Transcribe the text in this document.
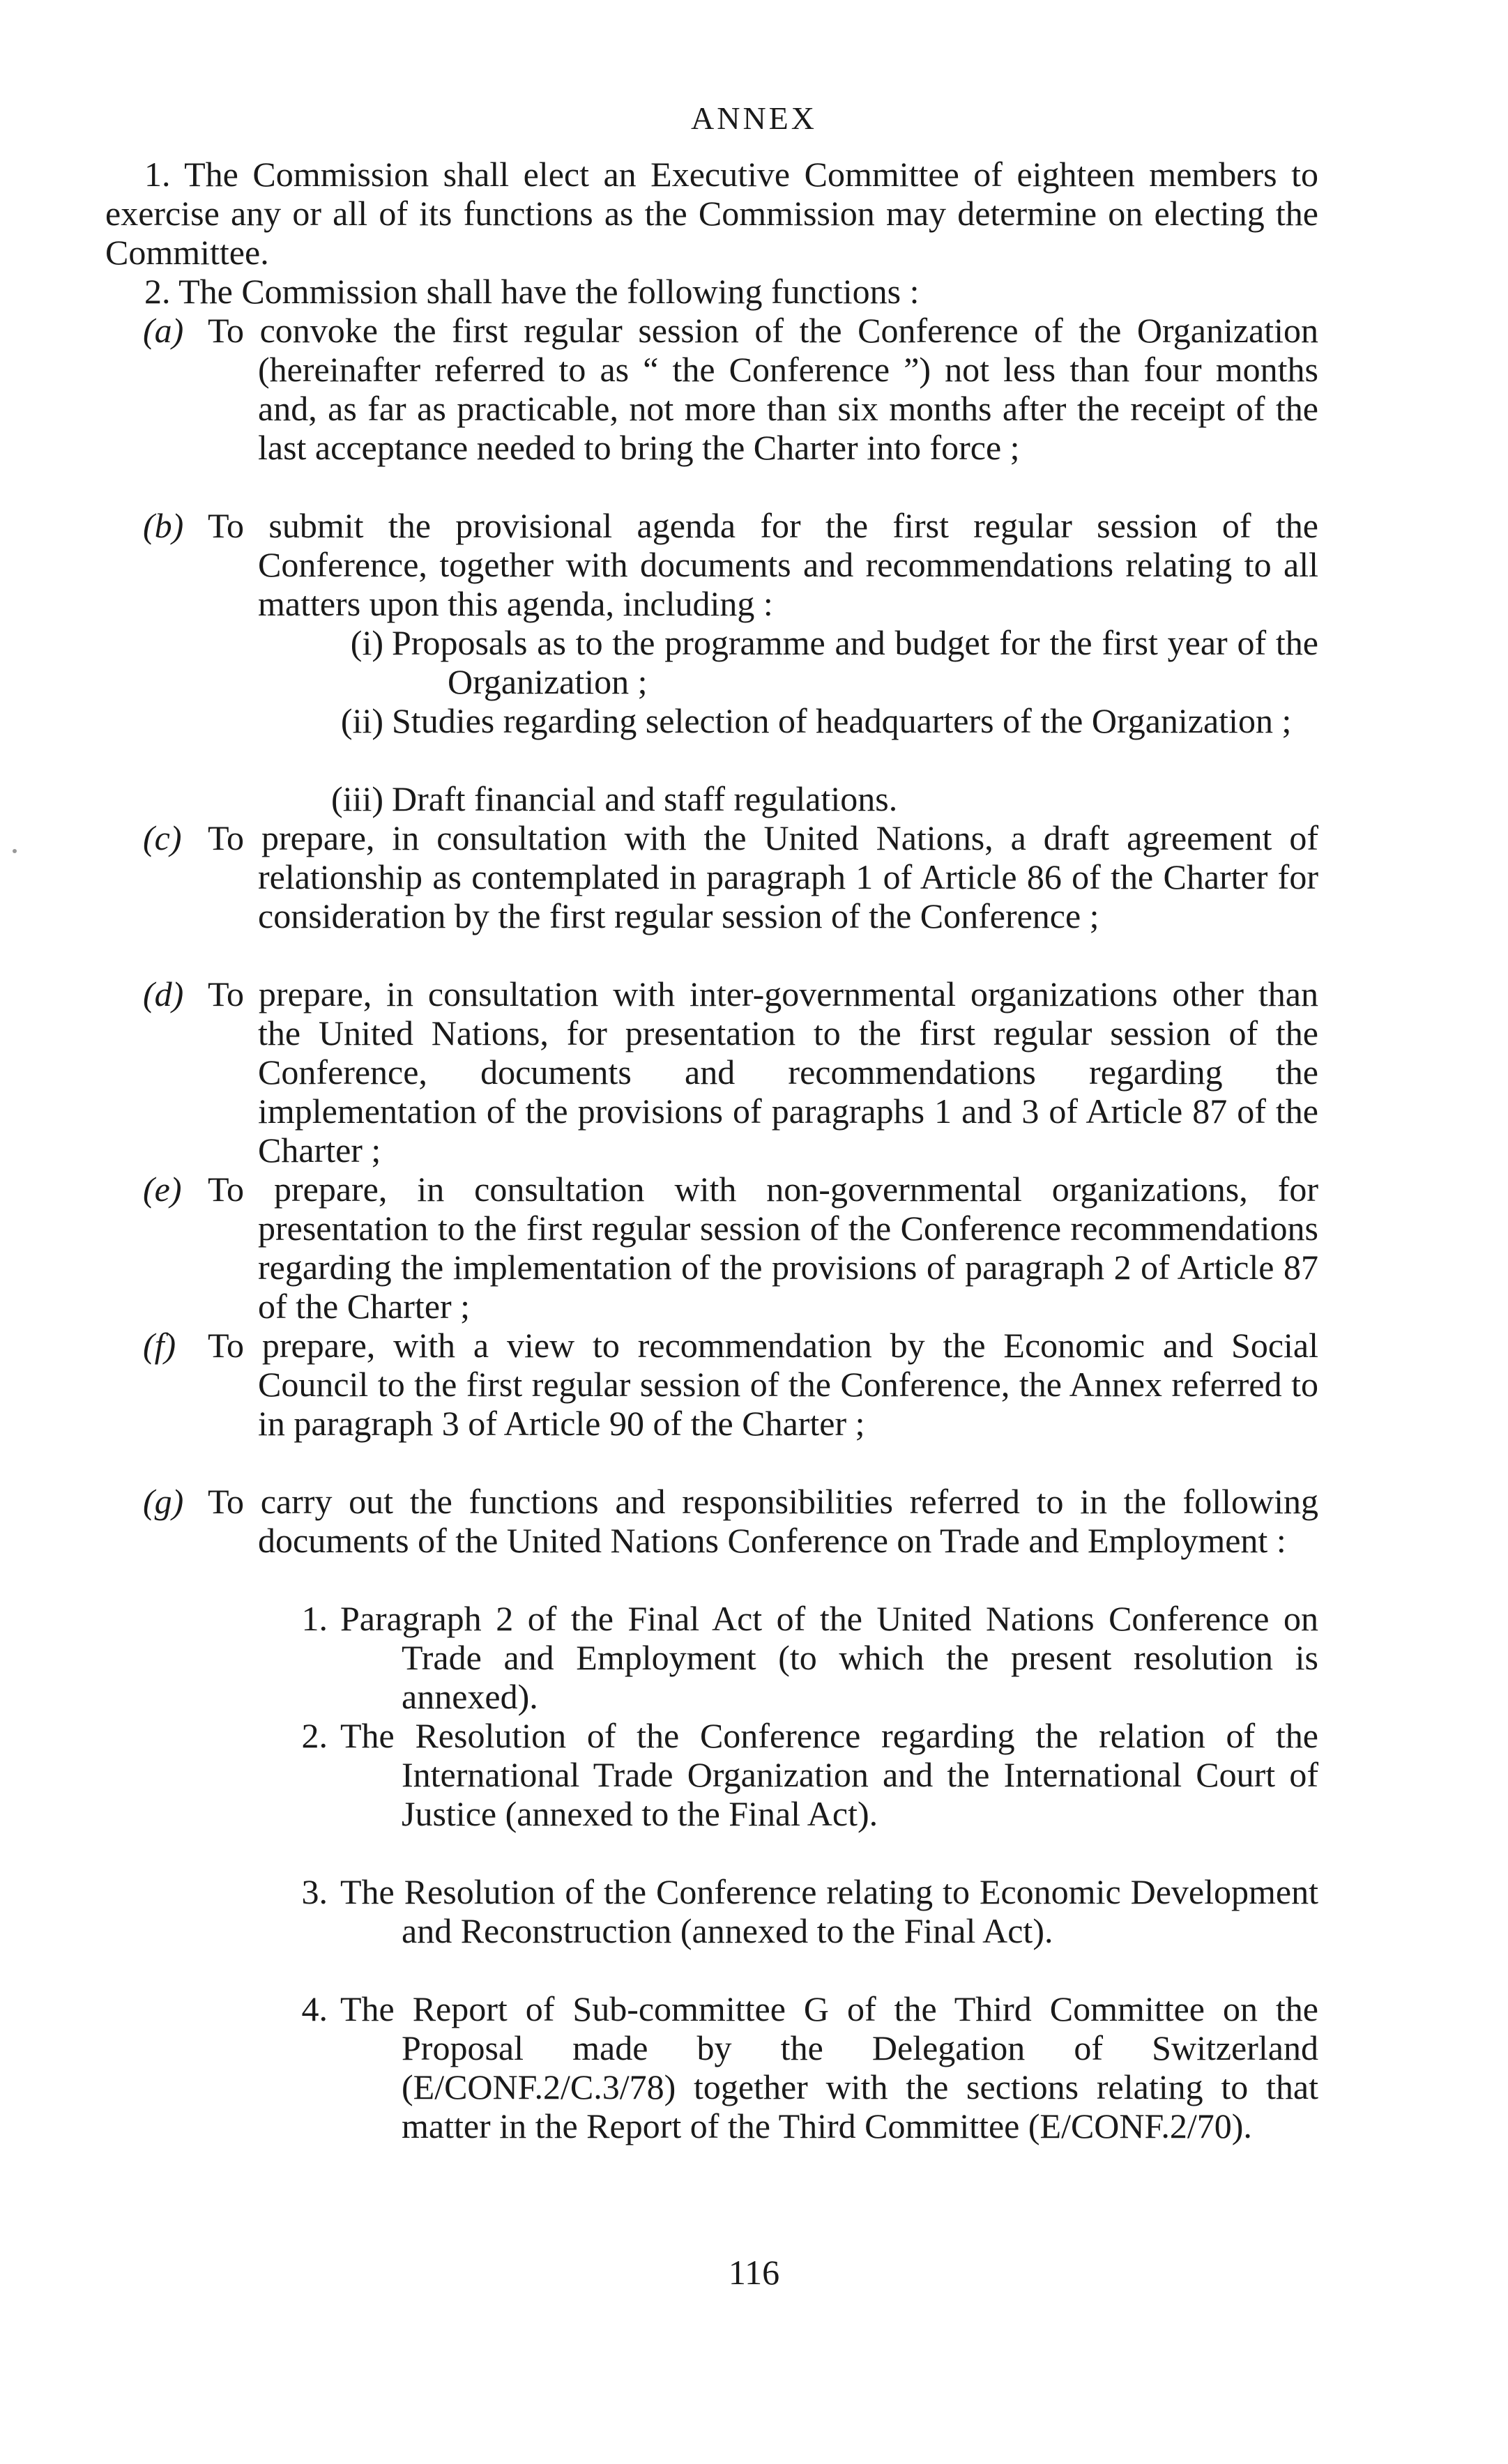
ANNEX
1. The Commission shall elect an Executive Committee of eighteen members to exercise any or all of its functions as the Commission may determine on electing the Committee.
2. The Commission shall have the following functions :
(a) To convoke the first regular session of the Conference of the Organization (hereinafter referred to as “ the Conference ”) not less than four months and, as far as practicable, not more than six months after the receipt of the last acceptance needed to bring the Charter into force ;
(b) To submit the provisional agenda for the first regular session of the Conference, together with documents and recommendations relating to all matters upon this agenda, including :
(i) Proposals as to the programme and budget for the first year of the Organization ;
(ii) Studies regarding selection of headquarters of the Organization ;
(iii) Draft financial and staff regulations.
(c) To prepare, in consultation with the United Nations, a draft agreement of relationship as contemplated in paragraph 1 of Article 86 of the Charter for consideration by the first regular session of the Conference ;
(d) To prepare, in consultation with inter-governmental organizations other than the United Nations, for presentation to the first regular session of the Conference, documents and recommendations regarding the implementation of the provisions of paragraphs 1 and 3 of Article 87 of the Charter ;
(e) To prepare, in consultation with non-governmental organizations, for presentation to the first regular session of the Conference recommendations regarding the implementation of the provisions of paragraph 2 of Article 87 of the Charter ;
(f) To prepare, with a view to recommendation by the Economic and Social Council to the first regular session of the Conference, the Annex referred to in paragraph 3 of Article 90 of the Charter ;
(g) To carry out the functions and responsibilities referred to in the following documents of the United Nations Conference on Trade and Employment :
1. Paragraph 2 of the Final Act of the United Nations Conference on Trade and Employment (to which the present resolution is annexed).
2. The Resolution of the Conference regarding the relation of the International Trade Organization and the International Court of Justice (annexed to the Final Act).
3. The Resolution of the Conference relating to Economic Development and Reconstruction (annexed to the Final Act).
4. The Report of Sub-committee G of the Third Committee on the Proposal made by the Delegation of Switzerland (E/CONF.2/C.3/78) together with the sections relating to that matter in the Report of the Third Committee (E/CONF.2/70).
116
